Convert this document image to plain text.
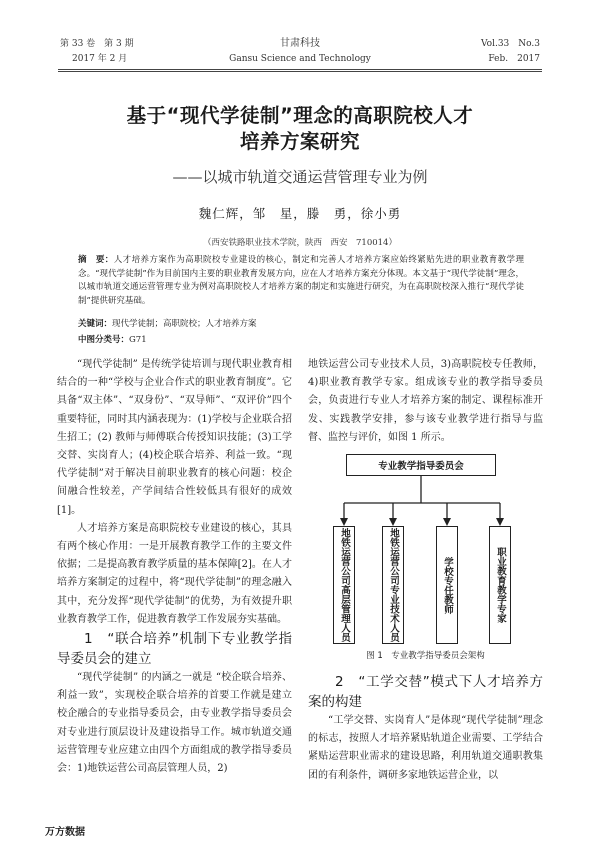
第 33 卷　第 3 期
2017 年 2 月
甘肃科技
Gansu Science and Technology
Vol.33　No.3
Feb.　2017
基于“现代学徒制”理念的高职院校人才
培养方案研究
——以城市轨道交通运营管理专业为例
魏仁辉，邹　星，滕　勇，徐小勇
（西安铁路职业技术学院，陕西　西安　710014）
摘　要：人才培养方案作为高职院校专业建设的核心，制定和完善人才培养方案应始终紧贴先进的职业教育教学理念。“现代学徒制”作为目前国内主要的职业教育发展方向，应在人才培养方案充分体现。本文基于“现代学徒制”理念，以城市轨道交通运营管理专业为例对高职院校人才培养方案的制定和实施进行研究，为在高职院校深入推行“现代学徒制”提供研究基础。
关键词：现代学徒制；高职院校；人才培养方案
中图分类号：G71

“现代学徒制” 是传统学徒培训与现代职业教育相结合的一种“学校与企业合作式的职业教育制度”。它具备“双主体”、“双身份”、“双导师”、“双评价”四个重要特征，同时其内涵表现为：(1)学校与企业联合招生招工；(2) 教师与师傅联合传授知识技能；(3)工学交替、实岗育人；(4)校企联合培养、利益一致。“现代学徒制”对于解决目前职业教育的核心问题：校企间融合性较差，产学间结合性较低具有很好的成效[1]。

人才培养方案是高职院校专业建设的核心，其具有两个核心作用：一是开展教育教学工作的主要文件依据；二是提高教育教学质量的基本保障[2]。在人才培养方案制定的过程中，将“现代学徒制”的理念融入其中，充分发挥“现代学徒制”的优势，为有效提升职业教育教学工作，促进教育教学工作发展夯实基础。

1　“联合培养”机制下专业教学指导委员会的建立

“现代学徒制” 的内涵之一就是 “校企联合培养、利益一致”，实现校企联合培养的首要工作就是建立校企融合的专业指导委员会，由专业教学指导委员会对专业进行顶层设计及建设指导工作。城市轨道交通运营管理专业应建立由四个方面组成的教学指导委员会：1)地铁运营公司高层管理人员，2)

地铁运营公司专业技术人员，3)高职院校专任教师，4)职业教育教学专家。组成该专业的教学指导委员会，负责进行专业人才培养方案的制定、课程标准开发、实践教学安排，参与该专业教学进行指导与监督、监控与评价，如图 1 所示。

专业教学指导委员会
地铁运营公司高层管理人员	地铁运营公司专业技术人员	学校专任教师	职业教育教学专家
图 1　专业教学指导委员会架构

2　“工学交替”模式下人才培养方案的构建

“工学交替、实岗育人”是体现“现代学徒制”理念的标志，按照人才培养紧贴轨道企业需要、工学结合紧贴运营职业需求的建设思路，利用轨道交通职教集团的有利条件，调研多家地铁运营企业，以

万方数据
